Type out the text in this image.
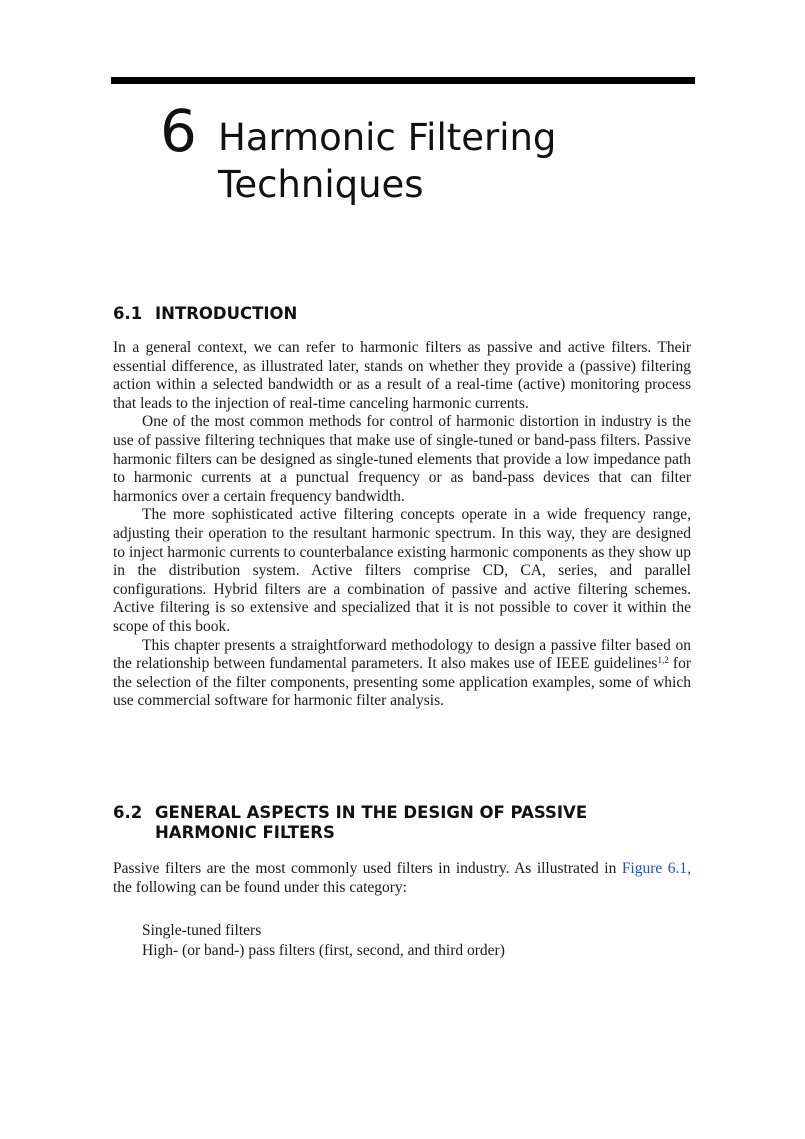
6 Harmonic Filtering
Techniques
6.1 INTRODUCTION

In a general context, we can refer to harmonic filters as passive and active filters. Their essential difference, as illustrated later, stands on whether they provide a (passive) filtering action within a selected bandwidth or as a result of a real-time (active) monitoring process that leads to the injection of real-time canceling harmonic currents.

One of the most common methods for control of harmonic distortion in industry is the use of passive filtering techniques that make use of single-tuned or band-pass filters. Passive harmonic filters can be designed as single-tuned elements that provide a low impedance path to harmonic currents at a punctual frequency or as band-pass devices that can filter harmonics over a certain frequency bandwidth.

The more sophisticated active filtering concepts operate in a wide frequency range, adjusting their operation to the resultant harmonic spectrum. In this way, they are designed to inject harmonic currents to counterbalance existing harmonic components as they show up in the distribution system. Active filters comprise CD, CA, series, and parallel configurations. Hybrid filters are a combination of passive and active filtering schemes. Active filtering is so extensive and specialized that it is not possible to cover it within the scope of this book.

This chapter presents a straightforward methodology to design a passive filter based on the relationship between fundamental parameters. It also makes use of IEEE guidelines$^{1,2}$ for the selection of the filter components, presenting some application examples, some of which use commercial software for harmonic filter analysis.

6.2 GENERAL ASPECTS IN THE DESIGN OF PASSIVE
HARMONIC FILTERS

Passive filters are the most commonly used filters in industry. As illustrated in Figure 6.1, the following can be found under this category:

Single-tuned filters
High- (or band-) pass filters (first, second, and third order)
